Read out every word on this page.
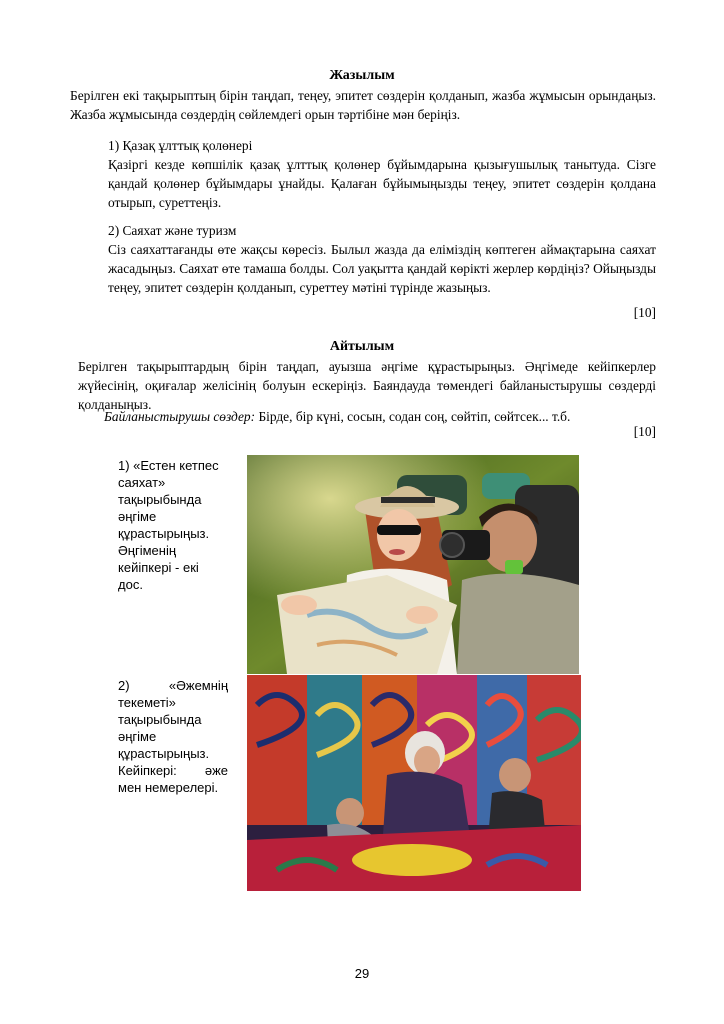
Жазылым
Берілген екі тақырыптың бірін таңдап, теңеу, эпитет сөздерін қолданып, жазба жұмысын орындаңыз. Жазба жұмысында сөздердің сөйлемдегі орын тәртібіне мән беріңіз.
1) Қазақ ұлттық қолөнері
Қазіргі кезде көпшілік қазақ ұлттық қолөнер бұйымдарына қызығушылық танытуда. Сізге қандай қолөнер бұйымдары ұнайды. Қалаған бұйымыңызды теңеу, эпитет сөздерін қолдана отырып, суреттеңіз.
2) Саяхат және туризм
Сіз саяхаттағанды өте жақсы көресіз. Былыл жазда да еліміздің көптеген аймақтарына саяхат жасадыңыз. Саяхат өте тамаша болды. Сол уақытта қандай көрікті жерлер көрдіңіз? Ойыңызды теңеу, эпитет сөздерін қолданып, суреттеу мәтіні түрінде жазыңыз.
[10]
Айтылым
Берілген тақырыптардың бірін таңдап, ауызша әңгіме құрастырыңыз. Әңгімеде кейіпкерлер жүйесінің, оқиғалар желісінің болуын ескеріңіз. Баяндауда төмендегі байланыстырушы сөздерді қолданыңыз.
Байланыстырушы сөздер: Бірде, бір күні, сосын, содан соң, сөйтіп, сөйтсек... т.б.
[10]
1) «Естен кетпес саяхат» тақырыбында әңгіме құрастырыңыз. Әңгіменің кейіпкері - екі дос.
2) «Әжемнің текеметі» тақырыбында әңгіме құрастырыңыз. Кейіпкері: әже мен немерелері.
29
